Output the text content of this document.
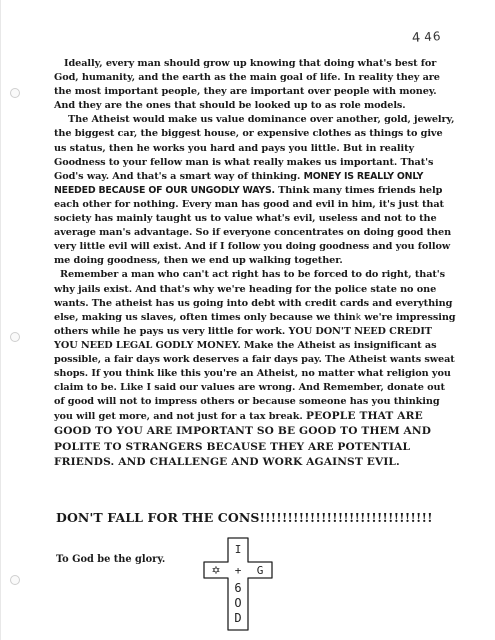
4 46

Ideally, every man should grow up knowing that doing what's best for God, humanity, and the earth as the main goal of life. In reality they are the most important people, they are important over people with money. And they are the ones that should be looked up to as role models.

The Atheist would make us value dominance over another, gold, jewelry, the biggest car, the biggest house, or expensive clothes as things to give us status, then he works you hard and pays you little. But in reality Goodness to your fellow man is what really makes us important. That's God's way. And that's a smart way of thinking. MONEY IS REALLY ONLY NEEDED BECAUSE OF OUR UNGODLY WAYS. Think many times friends help each other for nothing. Every man has good and evil in him, it's just that society has mainly taught us to value what's evil, useless and not to the average man's advantage. So if everyone concentrates on doing good then very little evil will exist. And if I follow you doing goodness and you follow me doing goodness, then we end up walking together.

Remember a man who can't act right has to be forced to do right, that's why jails exist. And that's why we're heading for the police state no one wants. The atheist has us going into debt with credit cards and everything else, making us slaves, often times only because we think we're impressing others while he pays us very little for work. YOU DON'T NEED CREDIT YOU NEED LEGAL GODLY MONEY. Make the Atheist as insignificant as possible, a fair days work deserves a fair days pay. The Atheist wants sweat shops. If you think like this you're an Atheist, no matter what religion you claim to be. Like I said our values are wrong. And Remember, donate out of good will not to impress others or because someone has you thinking you will get more, and not just for a tax break. PEOPLE THAT ARE GOOD TO YOU ARE IMPORTANT SO BE GOOD TO THEM AND POLITE TO STRANGERS BECAUSE THEY ARE POTENTIAL FRIENDS. AND CHALLENGE AND WORK AGAINST EVIL.

DON'T FALL FOR THE CONS!!!!!!!!!!!!!!!!!!!!!!!!!!!!!!!
To God be the glory.
I
✡ + G
6
O
D
